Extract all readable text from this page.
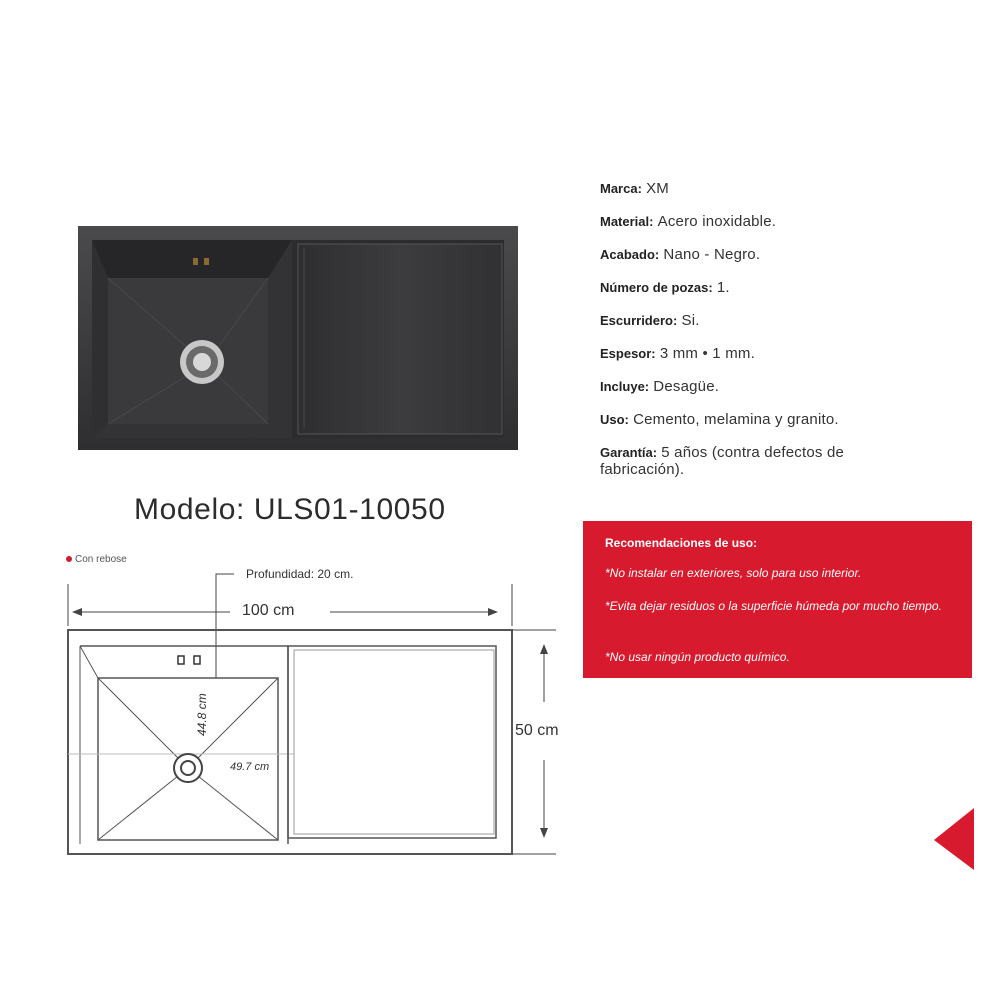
Marca: XM
Material: Acero inoxidable.
Acabado: Nano - Negro.
Número de pozas: 1.
Escurridero: Si.
Espesor: 3 mm • 1 mm.
Incluye: Desagüe.
Uso: Cemento, melamina y granito.
Garantía: 5 años (contra defectos de fabricación).
Modelo: ULS01-10050
Recomendaciones de uso:
*No instalar en exteriores, solo para uso interior.
*Evita dejar residuos o la superficie húmeda por mucho tiempo.
*No usar ningún producto químico.
100 cm
Profundidad: 20 cm.
44.8 cm
49.7 cm
50 cm
Con rebose
